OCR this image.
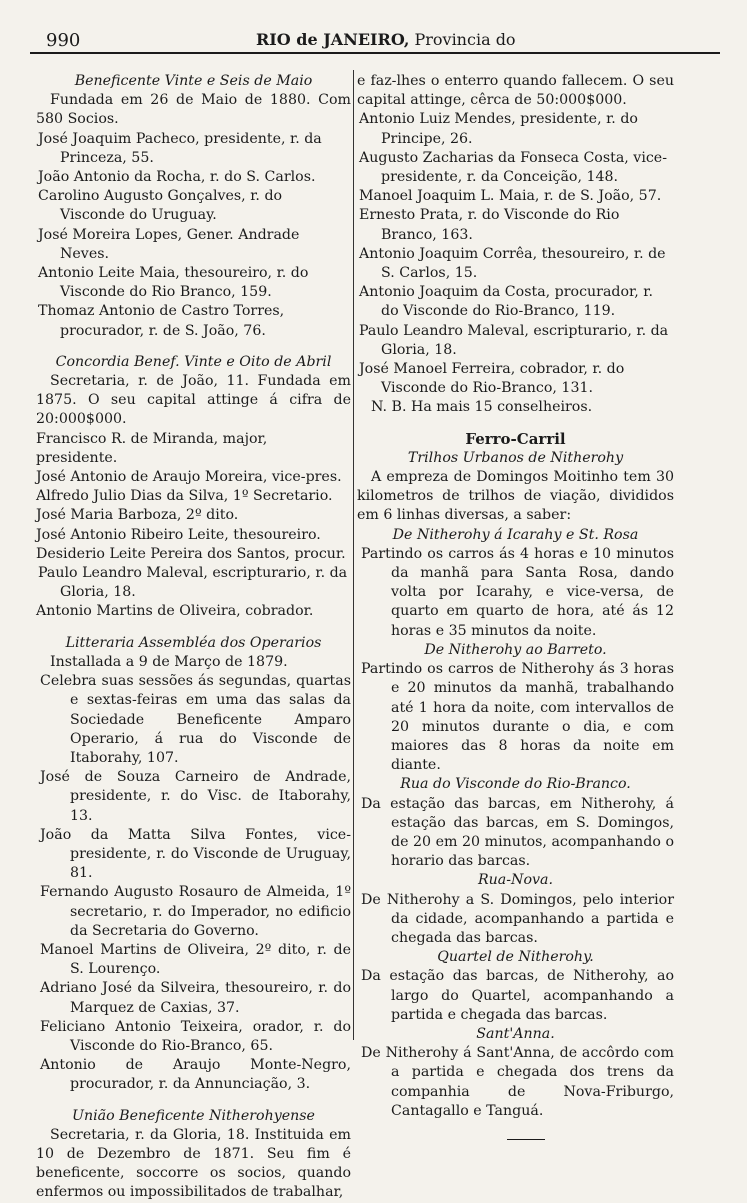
990	RIO de JANEIRO, Provincia do

Beneficente Vinte e Seis de Maio

Fundada em 26 de Maio de 1880. Com 580 Socios.

José Joaquim Pacheco, presidente, r. da Princeza, 55.

João Antonio da Rocha, r. do S. Carlos.

Carolino Augusto Gonçalves, r. do Visconde do Uruguay.

José Moreira Lopes, Gener. Andrade Neves.

Antonio Leite Maia, thesoureiro, r. do Visconde do Rio Branco, 159.

Thomaz Antonio de Castro Torres, procurador, r. de S. João, 76.

Concordia Benef. Vinte e Oito de Abril

Secretaria, r. de João, 11. Fundada em 1875. O seu capital attinge á cifra de 20:000$000.

Francisco R. de Miranda, major, presidente.

José Antonio de Araujo Moreira, vice-pres.

Alfredo Julio Dias da Silva, 1º Secretario.

José Maria Barboza, 2º dito.

José Antonio Ribeiro Leite, thesoureiro.

Desiderio Leite Pereira dos Santos, procur.

Paulo Leandro Maleval, escripturario, r. da Gloria, 18.

Antonio Martins de Oliveira, cobrador.

Litteraria Assembléa dos Operarios

Installada a 9 de Março de 1879.

Celebra suas sessões ás segundas, quartas e sextas-feiras em uma das salas da Sociedade Beneficente Amparo Operario, á rua do Visconde de Itaborahy, 107.

José de Souza Carneiro de Andrade, presidente, r. do Visc. de Itaborahy, 13.

João da Matta Silva Fontes, vice-presidente, r. do Visconde de Uruguay, 81.

Fernando Augusto Rosauro de Almeida, 1º secretario, r. do Imperador, no edificio da Secretaria do Governo.

Manoel Martins de Oliveira, 2º dito, r. de S. Lourenço.

Adriano José da Silveira, thesoureiro, r. do Marquez de Caxias, 37.

Feliciano Antonio Teixeira, orador, r. do Visconde do Rio-Branco, 65.

Antonio de Araujo Monte-Negro, procurador, r. da Annunciação, 3.

União Beneficente Nitherohyense

Secretaria, r. da Gloria, 18. Instituida em 10 de Dezembro de 1871. Seu fim é beneficente, soccorre os socios, quando enfermos ou impossibilitados de trabalhar,

e faz-lhes o enterro quando fallecem. O seu capital attinge, cêrca de 50:000$000.

Antonio Luiz Mendes, presidente, r. do Principe, 26.

Augusto Zacharias da Fonseca Costa, vice-presidente, r. da Conceição, 148.

Manoel Joaquim L. Maia, r. de S. João, 57.

Ernesto Prata, r. do Visconde do Rio Branco, 163.

Antonio Joaquim Corrêa, thesoureiro, r. de S. Carlos, 15.

Antonio Joaquim da Costa, procurador, r. do Visconde do Rio-Branco, 119.

Paulo Leandro Maleval, escripturario, r. da Gloria, 18.

José Manoel Ferreira, cobrador, r. do Visconde do Rio-Branco, 131.

N. B. Ha mais 15 conselheiros.

Ferro-Carril

Trilhos Urbanos de Nitherohy

A empreza de Domingos Moitinho tem 30 kilometros de trilhos de viação, divididos em 6 linhas diversas, a saber:

De Nitherohy á Icarahy e St. Rosa

Partindo os carros ás 4 horas e 10 minutos da manhã para Santa Rosa, dando volta por Icarahy, e vice-versa, de quarto em quarto de hora, até ás 12 horas e 35 minutos da noite.

De Nitherohy ao Barreto.

Partindo os carros de Nitherohy ás 3 horas e 20 minutos da manhã, trabalhando até 1 hora da noite, com intervallos de 20 minutos durante o dia, e com maiores das 8 horas da noite em diante.

Rua do Visconde do Rio-Branco.

Da estação das barcas, em Nitherohy, á estação das barcas, em S. Domingos, de 20 em 20 minutos, acompanhando o horario das barcas.

Rua-Nova.

De Nitherohy a S. Domingos, pelo interior da cidade, acompanhando a partida e chegada das barcas.

Quartel de Nitherohy.

Da estação das barcas, de Nitherohy, ao largo do Quartel, acompanhando a partida e chegada das barcas.

Sant'Anna.

De Nitherohy á Sant'Anna, de accôrdo com a partida e chegada dos trens da companhia de Nova-Friburgo, Cantagallo e Tanguá.
